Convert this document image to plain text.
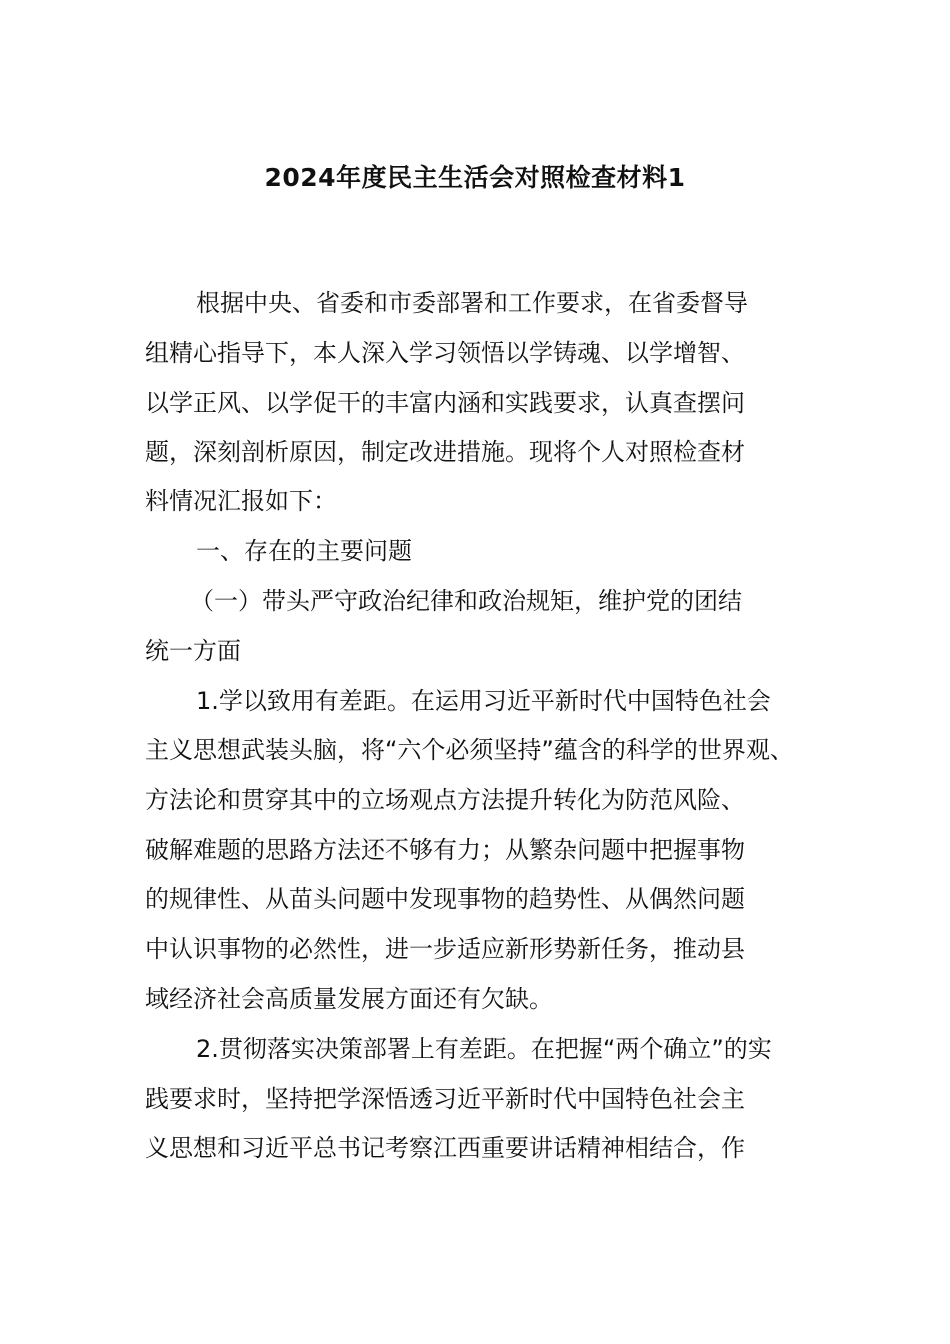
2024年度民主生活会对照检查材料1
根据中央、省委和市委部署和工作要求，在省委督导
组精心指导下，本人深入学习领悟以学铸魂、以学增智、
以学正风、以学促干的丰富内涵和实践要求，认真查摆问
题，深刻剖析原因，制定改进措施。现将个人对照检查材
料情况汇报如下：
一、存在的主要问题
（一）带头严守政治纪律和政治规矩，维护党的团结
统一方面
1.学以致用有差距。在运用习近平新时代中国特色社会
主义思想武装头脑，将“六个必须坚持”蕴含的科学的世界观、
方法论和贯穿其中的立场观点方法提升转化为防范风险、
破解难题的思路方法还不够有力；从繁杂问题中把握事物
的规律性、从苗头问题中发现事物的趋势性、从偶然问题
中认识事物的必然性，进一步适应新形势新任务，推动县
域经济社会高质量发展方面还有欠缺。
2.贯彻落实决策部署上有差距。在把握“两个确立”的实
践要求时，坚持把学深悟透习近平新时代中国特色社会主
义思想和习近平总书记考察江西重要讲话精神相结合，作
